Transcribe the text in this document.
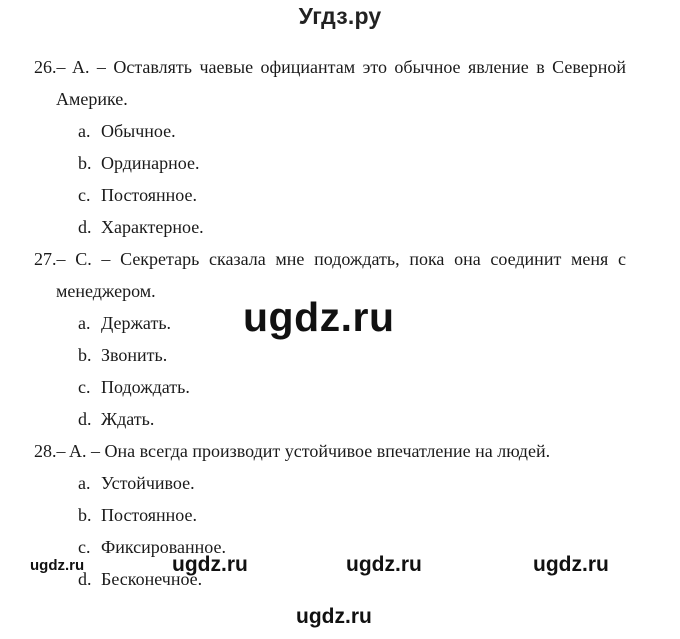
Угдз.ру
26.– A. – Оставлять чаевые официантам это обычное явление в Северной
Америке.
a. Обычное.
b. Ординарное.
c. Постоянное.
d. Характерное.
27.– C. – Секретарь сказала мне подождать, пока она соединит меня с
менеджером.
a. Держать.
b. Звонить.
c. Подождать.
d. Ждать.
28.– A. – Она всегда производит устойчивое впечатление на людей.
a. Устойчивое.
b. Постоянное.
c. Фиксированное.
d. Бесконечное.
ugdz.ru
ugdz.ru	ugdz.ru	ugdz.ru	ugdz.ru
ugdz.ru
